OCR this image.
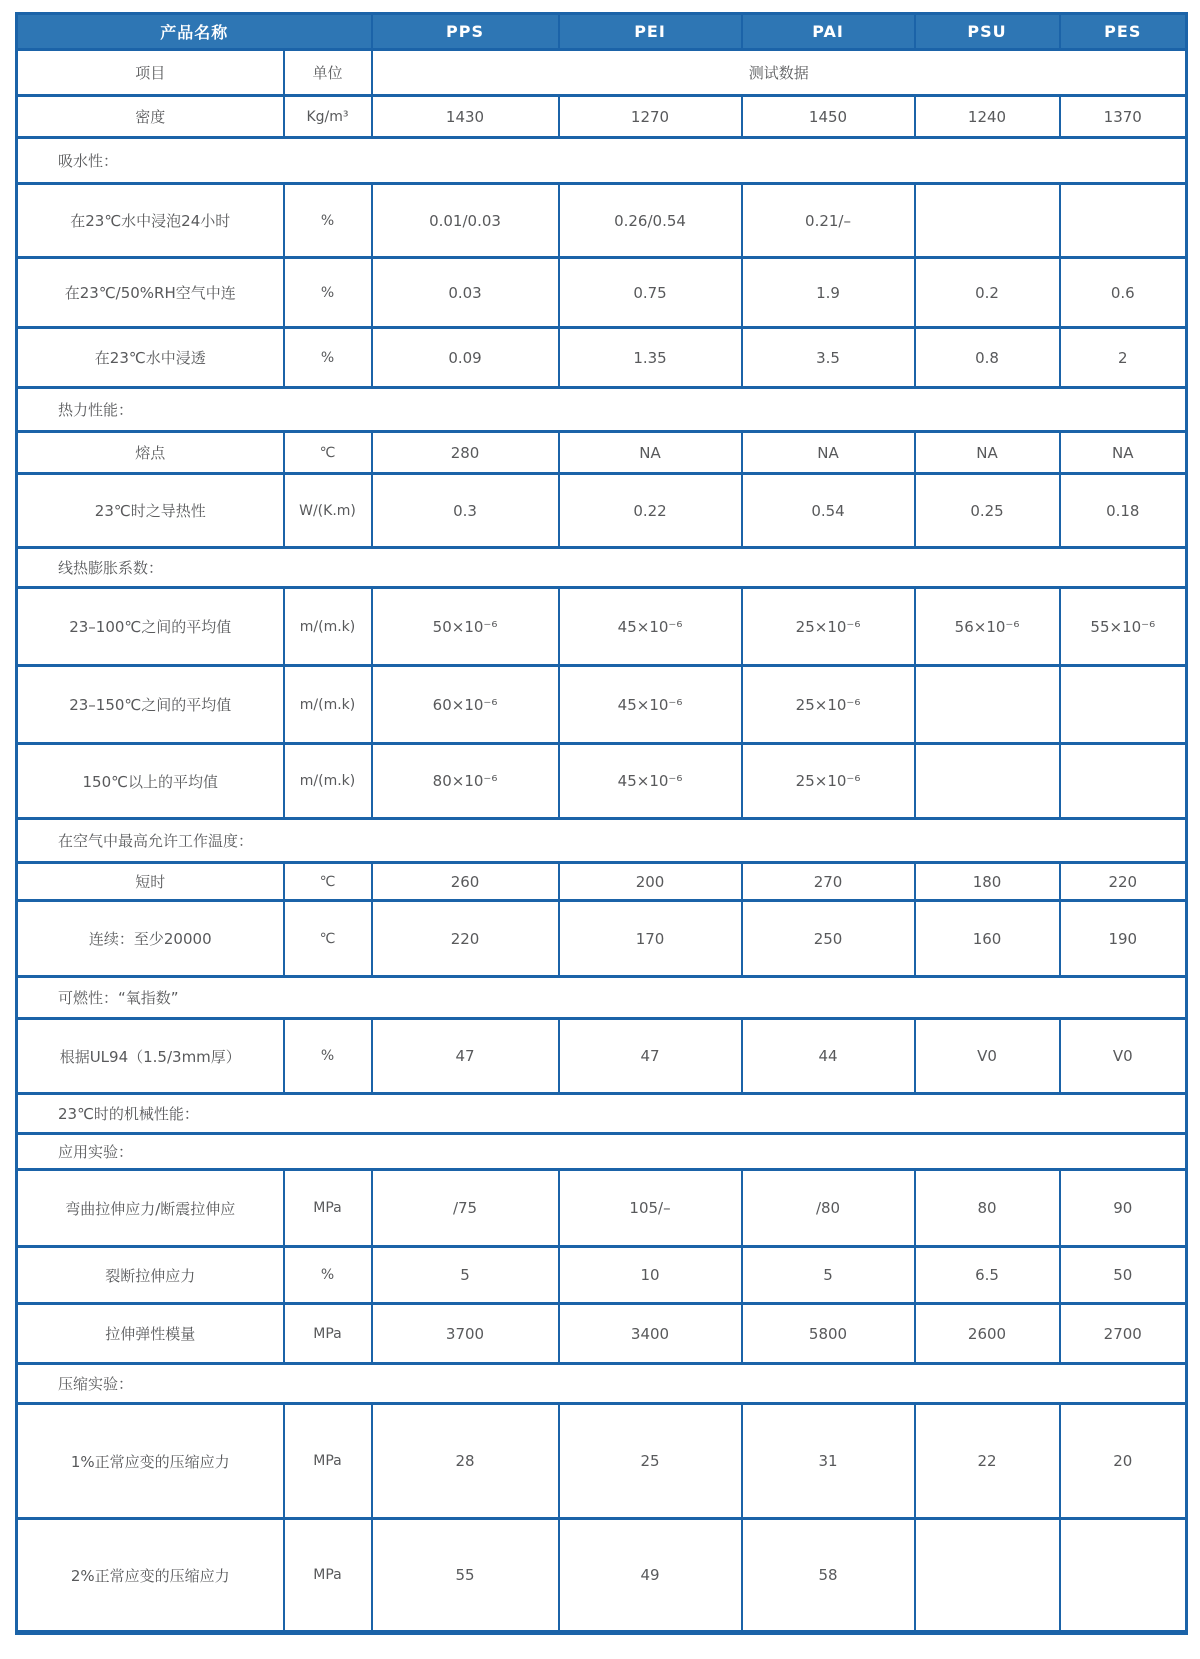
产品名称		PPS	PEI	PAI	PSU	PES
项目	单位	测试数据				
密度	Kg/m³	1430	1270	1450	1240	1370
吸水性：						
在23℃水中浸泡24小时	%	0.01/0.03	0.26/0.54	0.21/–		
在23℃/50%RH空气中连	%	0.03	0.75	1.9	0.2	0.6
在23℃水中浸透	%	0.09	1.35	3.5	0.8	2
热力性能：						
熔点	℃	280	NA	NA	NA	NA
23℃时之导热性	W/(K.m)	0.3	0.22	0.54	0.25	0.18
线热膨胀系数：						
23–100℃之间的平均值	m/(m.k)	50×10⁻⁶	45×10⁻⁶	25×10⁻⁶	56×10⁻⁶	55×10⁻⁶
23–150℃之间的平均值	m/(m.k)	60×10⁻⁶	45×10⁻⁶	25×10⁻⁶		
150℃以上的平均值	m/(m.k)	80×10⁻⁶	45×10⁻⁶	25×10⁻⁶		
在空气中最高允许工作温度：						
短时	℃	260	200	270	180	220
连续：至少20000	℃	220	170	250	160	190
可燃性：“氧指数”						
根据UL94（1.5/3mm厚）	%	47	47	44	V0	V0
23℃时的机械性能：						
应用实验：						
弯曲拉伸应力/断震拉伸应	MPa	/75	105/–	/80	80	90
裂断拉伸应力	%	5	10	5	6.5	50
拉伸弹性模量	MPa	3700	3400	5800	2600	2700
压缩实验：						
1%正常应变的压缩应力	MPa	28	25	31	22	20
2%正常应变的压缩应力	MPa	55	49	58		
